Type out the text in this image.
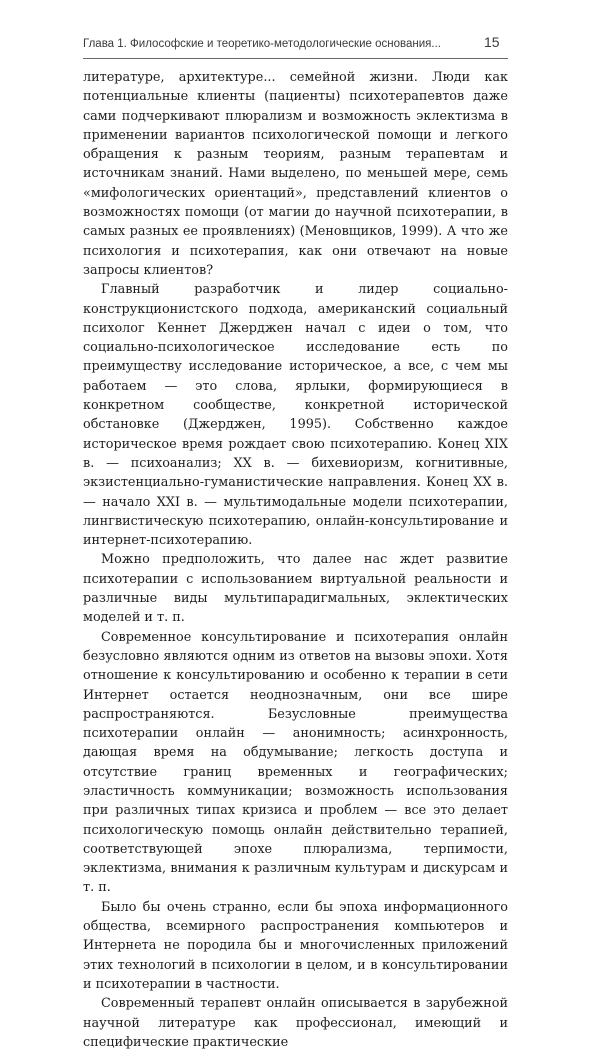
Глава 1. Философские и теоретико-методологические основания...	15

литературе, архитектуре... семейной жизни. Люди как потенциальные клиенты (пациенты) психотерапевтов даже сами подчеркивают плюрализм и возможность эклектизма в применении вариантов психологической помощи и легкого обращения к разным теориям, разным терапевтам и источникам знаний. Нами выделено, по меньшей мере, семь «мифологических ориентаций», представлений клиентов о возможностях помощи (от магии до научной психотерапии, в самых разных ее проявлениях) (Меновщиков, 1999). А что же психология и психотерапия, как они отвечают на новые запросы клиентов?

Главный разработчик и лидер социально-конструкционистского подхода, американский социальный психолог Кеннет Джерджен начал с идеи о том, что социально-психологическое исследование есть по преимуществу исследование историческое, а все, с чем мы работаем — это слова, ярлыки, формирующиеся в конкретном сообществе, конкретной исторической обстановке (Джерджен, 1995). Собственно каждое историческое время рождает свою психотерапию. Конец XIX в. — психоанализ; XX в. — бихевиоризм, когнитивные, экзистенциально-гуманистические направления. Конец XX в. — начало XXI в. — мультимодальные модели психотерапии, лингвистическую психотерапию, онлайн-консультирование и интернет-психотерапию.

Можно предположить, что далее нас ждет развитие психотерапии с использованием виртуальной реальности и различные виды мультипарадигмальных, эклектических моделей и т. п.

Современное консультирование и психотерапия онлайн безусловно являются одним из ответов на вызовы эпохи. Хотя отношение к консультированию и особенно к терапии в сети Интернет остается неоднозначным, они все шире распространяются. Безусловные преимущества психотерапии онлайн — анонимность; асинхронность, дающая время на обдумывание; легкость доступа и отсутствие границ временных и географических; эластичность коммуникации; возможность использования при различных типах кризиса и проблем — все это делает психологическую помощь онлайн действительно терапией, соответствующей эпохе плюрализма, терпимости, эклектизма, внимания к различным культурам и дискурсам и т. п.

Было бы очень странно, если бы эпоха информационного общества, всемирного распространения компьютеров и Интернета не породила бы и многочисленных приложений этих технологий в психологии в целом, и в консультировании и психотерапии в частности.

Современный терапевт онлайн описывается в зарубежной научной литературе как профессионал, имеющий и специфические практические
